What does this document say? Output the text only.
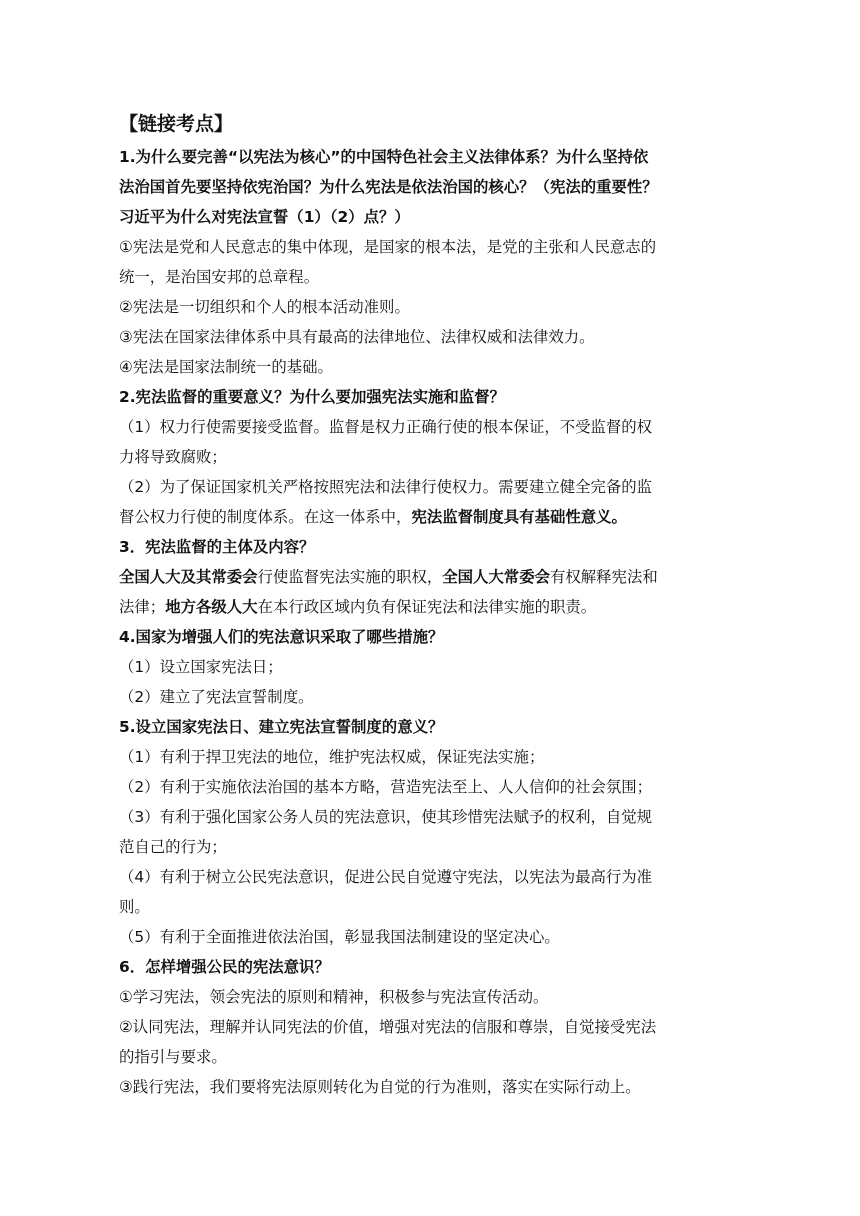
【链接考点】
1.为什么要完善“以宪法为核心”的中国特色社会主义法律体系？为什么坚持依
法治国首先要坚持依宪治国？为什么宪法是依法治国的核心？（宪法的重要性？
习近平为什么对宪法宣誓（1）（2）点？）
①宪法是党和人民意志的集中体现，是国家的根本法，是党的主张和人民意志的
统一，是治国安邦的总章程。
②宪法是一切组织和个人的根本活动准则。
③宪法在国家法律体系中具有最高的法律地位、法律权威和法律效力。
④宪法是国家法制统一的基础。
2.宪法监督的重要意义？为什么要加强宪法实施和监督？
（1）权力行使需要接受监督。监督是权力正确行使的根本保证，不受监督的权
力将导致腐败；
（2）为了保证国家机关严格按照宪法和法律行使权力。需要建立健全完备的监
督公权力行使的制度体系。在这一体系中，宪法监督制度具有基础性意义。
3．宪法监督的主体及内容？
全国人大及其常委会行使监督宪法实施的职权，全国人大常委会有权解释宪法和
法律；地方各级人大在本行政区域内负有保证宪法和法律实施的职责。
4.国家为增强人们的宪法意识采取了哪些措施？
（1）设立国家宪法日；
（2）建立了宪法宣誓制度。
5.设立国家宪法日、建立宪法宣誓制度的意义？
（1）有利于捍卫宪法的地位，维护宪法权威，保证宪法实施；
（2）有利于实施依法治国的基本方略，营造宪法至上、人人信仰的社会氛围；
（3）有利于强化国家公务人员的宪法意识，使其珍惜宪法赋予的权利，自觉规
范自己的行为；
（4）有利于树立公民宪法意识，促进公民自觉遵守宪法，以宪法为最高行为准
则。
（5）有利于全面推进依法治国，彰显我国法制建设的坚定决心。
6．怎样增强公民的宪法意识？
①学习宪法，领会宪法的原则和精神，积极参与宪法宣传活动。
②认同宪法，理解并认同宪法的价值，增强对宪法的信服和尊崇，自觉接受宪法
的指引与要求。
③践行宪法，我们要将宪法原则转化为自觉的行为准则，落实在实际行动上。
